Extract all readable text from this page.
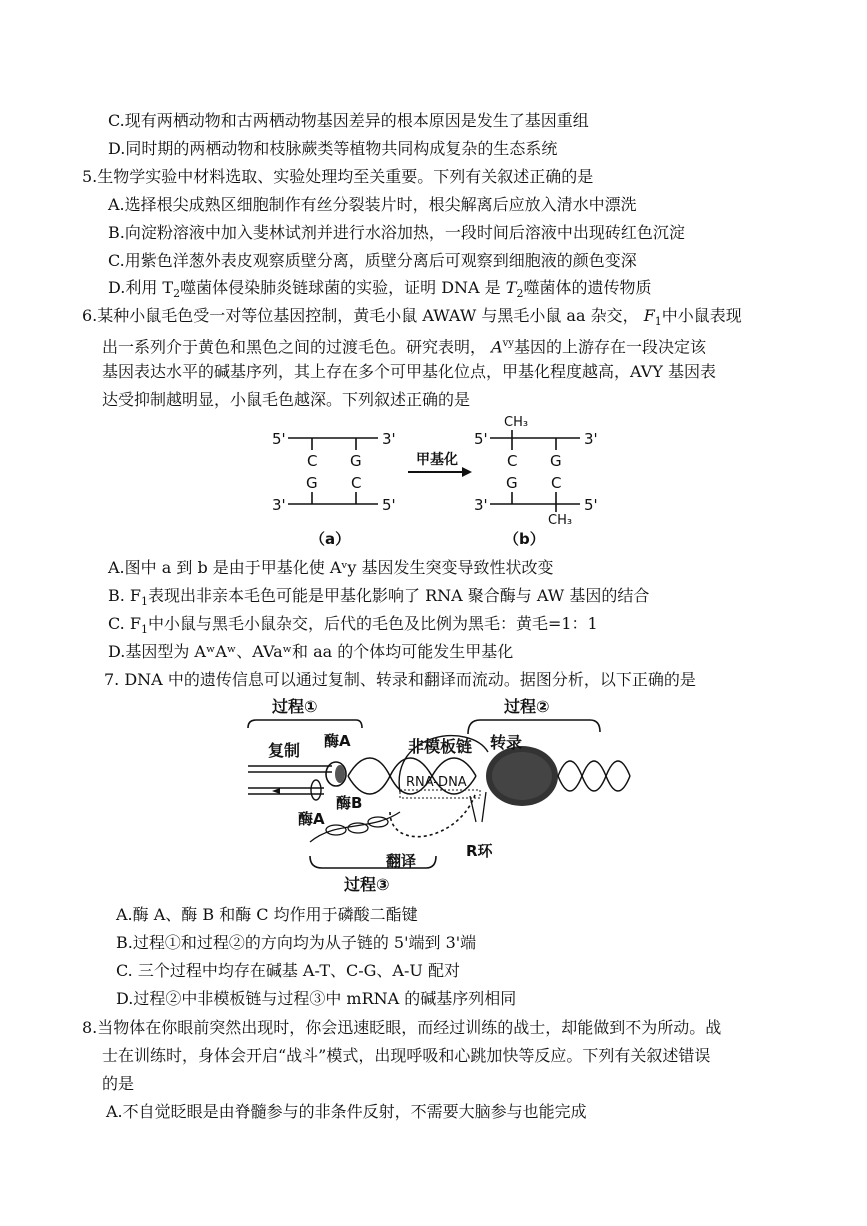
C.现有两栖动物和古两栖动物基因差异的根本原因是发生了基因重组
D.同时期的两栖动物和枝脉蕨类等植物共同构成复杂的生态系统
5.生物学实验中材料选取、实验处理均至关重要。下列有关叙述正确的是
A.选择根尖成熟区细胞制作有丝分裂装片时，根尖解离后应放入清水中漂洗
B.向淀粉溶液中加入斐林试剂并进行水浴加热，一段时间后溶液中出现砖红色沉淀
C.用紫色洋葱外表皮观察质壁分离，质壁分离后可观察到细胞液的颜色变深
D.利用 $T_2$噬菌体侵染肺炎链球菌的实验，证明 DNA 是 $T_2$噬菌体的遗传物质
6.某种小鼠毛色受一对等位基因控制，黄毛小鼠 AWAW 与黑毛小鼠 aa 杂交， $F_1$中小鼠表现
出一系列介于黄色和黑色之间的过渡毛色。研究表明， $A^{vy}$基因的上游存在一段决定该
基因表达水平的碱基序列，其上存在多个可甲基化位点，甲基化程度越高，AVY 基因表
达受抑制越明显，小鼠毛色越深。下列叙述正确的是
5'	3'
C G
G C
3'	5'
（a）
甲基化
5'
CH₃
3'
C G
G C
3'	5'
CH₃
（b）
A.图中 a 到 b 是由于甲基化使 Aᵛy 基因发生突变导致性状改变
B. $F_1$表现出非亲本毛色可能是甲基化影响了 RNA 聚合酶与 AW 基因的结合
C. $F_1$中小鼠与黑毛小鼠杂交，后代的毛色及比例为黑毛：黄毛=1：1
D.基因型为 AʷAʷ、AVaʷ和 aa 的个体均可能发生甲基化
7. DNA 中的遗传信息可以通过复制、转录和翻译而流动。据图分析，以下正确的是
过程①	过程②
复制 酶A
酶B
酶A
非模板链
RNA-DNA
转录
R环
翻译
过程③
A.酶 A、酶 B 和酶 C 均作用于磷酸二酯键
B.过程①和过程②的方向均为从子链的 5'端到 3'端
C. 三个过程中均存在碱基 A-T、C-G、A-U 配对
D.过程②中非模板链与过程③中 mRNA 的碱基序列相同
8.当物体在你眼前突然出现时，你会迅速眨眼，而经过训练的战士，却能做到不为所动。战
士在训练时，身体会开启“战斗”模式，出现呼吸和心跳加快等反应。下列有关叙述错误
的是
A.不自觉眨眼是由脊髓参与的非条件反射，不需要大脑参与也能完成
